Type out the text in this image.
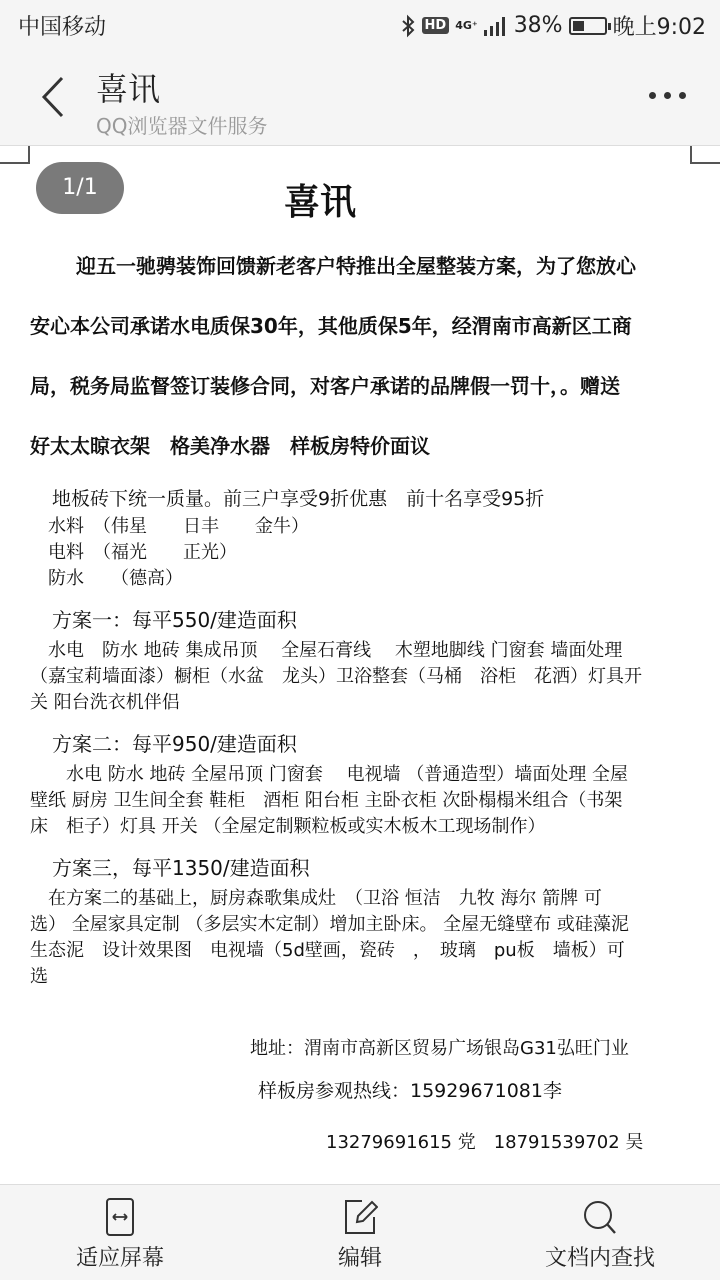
中国移动	HD 4G⁺ 38% 晚上9:02
喜讯
QQ浏览器文件服务
1/1	喜讯
迎五一驰骋装饰回馈新老客户特推出全屋整装方案，为了您放心
安心本公司承诺水电质保30年，其他质保5年，经渭南市高新区工商
局，税务局监督签订装修合同，对客户承诺的品牌假一罚十，。赠送
好太太晾衣架　格美净水器　样板房特价面议
地板砖下统一质量。前三户享受9折优惠　前十名享受95折
水料　（伟星　　日丰　　金牛）
电料　（福光　　正光）
防水　　（德高）
方案一：每平550/建造面积
水电　防水 地砖 集成吊顶　 全屋石膏线　 木塑地脚线 门窗套 墙面处理
（嘉宝莉墙面漆）橱柜（水盆　龙头）卫浴整套（马桶　浴柜　花洒）灯具开
关 阳台洗衣机伴侣
方案二：每平950/建造面积
　水电 防水 地砖 全屋吊顶 门窗套　 电视墙 （普通造型）墙面处理 全屋
壁纸 厨房 卫生间全套 鞋柜　酒柜 阳台柜 主卧衣柜 次卧榻榻米组合（书架
床　柜子）灯具 开关 （全屋定制颗粒板或实木板木工现场制作）
方案三，每平1350/建造面积
在方案二的基础上，厨房森歌集成灶　（卫浴 恒洁　九牧 海尔 箭牌 可
选） 全屋家具定制 （多层实木定制）增加主卧床。 全屋无缝壁布 或硅藻泥
生态泥　设计效果图　电视墙（5d壁画，瓷砖　，　玻璃　pu板　墙板）可
选
地址：渭南市高新区贸易广场银岛G31弘旺门业
样板房参观热线：15929671081李
13279691615 党　18791539702 吴
适应屏幕	编辑	文档内查找
